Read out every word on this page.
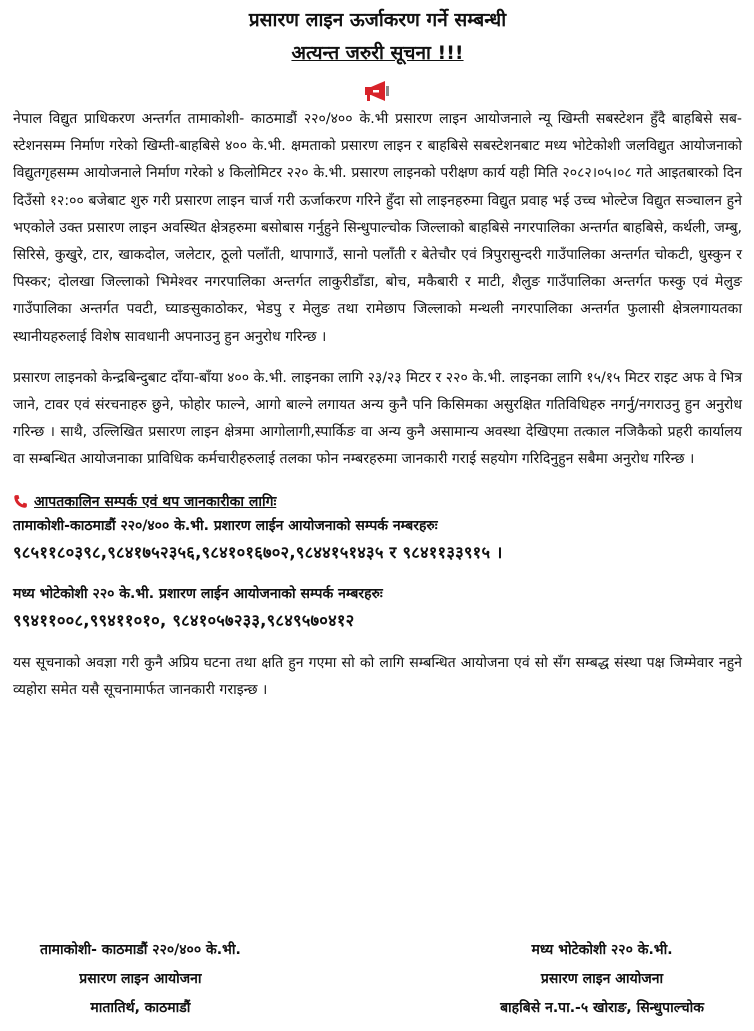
प्रसारण लाइन ऊर्जाकरण गर्ने सम्बन्धी
अत्यन्त जरुरी सूचना !!!

नेपाल विद्युत प्राधिकरण अन्तर्गत तामाकोशी- काठमाडौं २२०/४०० के.भी प्रसारण लाइन आयोजनाले न्यू खिम्ती सबस्टेशन हुँदै बाहबिसे सब-स्टेशनसम्म निर्माण गरेको खिम्ती-बाहबिसे ४०० के.भी. क्षमताको प्रसारण लाइन र बाहबिसे सबस्टेशनबाट मध्य भोटेकोशी जलविद्युत आयोजनाको विद्युतगृहसम्म आयोजनाले निर्माण गरेको ४ किलोमिटर २२० के.भी. प्रसारण लाइनको परीक्षण कार्य यही मिति २०८२।०५।०८ गते आइतबारको दिन दिउँसो १२:०० बजेबाट शुरु गरी प्रसारण लाइन चार्ज गरी ऊर्जाकरण गरिने हुँदा सो लाइनहरुमा विद्युत प्रवाह भई उच्च भोल्टेज विद्युत सञ्चालन हुने भएकोले उक्त प्रसारण लाइन अवस्थित क्षेत्रहरुमा बसोबास गर्नुहुने सिन्धुपाल्चोक जिल्लाको बाहबिसे नगरपालिका अन्तर्गत बाहबिसे, कर्थली, जम्बु, सिरिसे, कुखुरे, टार, खाकदोल, जलेटार, ठूलो पलाँती, थापागाउँ, सानो पलाँती र बेतेचौर एवं त्रिपुरासुन्दरी गाउँपालिका अन्तर्गत चोकटी, धुस्कुन र पिस्कर; दोलखा जिल्लाको भिमेश्वर नगरपालिका अन्तर्गत लाकुरीडाँडा, बोच, मकैबारी र माटी, शैलुङ गाउँपालिका अन्तर्गत फस्कु एवं मेलुङ गाउँपालिका अन्तर्गत पवटी, घ्याङसुकाठोकर, भेडपु र मेलुङ तथा रामेछाप जिल्लाको मन्थली नगरपालिका अन्तर्गत फुलासी क्षेत्रलगायतका स्थानीयहरुलाई विशेष सावधानी अपनाउनु हुन अनुरोध गरिन्छ ।

प्रसारण लाइनको केन्द्रबिन्दुबाट दाँया-बाँया ४०० के.भी. लाइनका लागि २३/२३ मिटर र २२० के.भी. लाइनका लागि १५/१५ मिटर राइट अफ वे भित्र जाने, टावर एवं संरचनाहरु छुने, फोहोर फाल्ने, आगो बाल्ने लगायत अन्य कुनै पनि किसिमका असुरक्षित गतिविधिहरु नगर्नु/नगराउनु हुन अनुरोध गरिन्छ । साथै, उल्लिखित प्रसारण लाइन क्षेत्रमा आगोलागी,स्पार्किङ वा अन्य कुनै असामान्य अवस्था देखिएमा तत्काल नजिकैको प्रहरी कार्यालय वा सम्बन्धित आयोजनाका प्राविधिक कर्मचारीहरुलाई तलका फोन नम्बरहरुमा जानकारी गराई सहयोग गरिदिनुहुन सबैमा अनुरोध गरिन्छ ।

आपतकालिन सम्पर्क एवं थप जानकारीका लागिः
तामाकोशी-काठमाडौं २२०/४०० के.भी. प्रशारण लाईन आयोजनाको सम्पर्क नम्बरहरुः
९८५११८०३९८,९८४१७५२३५६,९८४१०१६७०२,९८४४१५१४३५ र ९८४११३३९१५ ।
मध्य भोटेकोशी २२० के.भी. प्रशारण लाईन आयोजनाको सम्पर्क नम्बरहरुः
९९४११००८,९९४११०१०, ९८४१०५७२३३,९८४९५७०४१२

यस सूचनाको अवज्ञा गरी कुनै अप्रिय घटना तथा क्षति हुन गएमा सो को लागि सम्बन्धित आयोजना एवं सो सँग सम्बद्ध संस्था पक्ष जिम्मेवार नहुने व्यहोरा समेत यसै सूचनामार्फत जानकारी गराइन्छ ।

तामाकोशी- काठमाडौं २२०/४०० के.भी.
प्रसारण लाइन आयोजना
मातातिर्थ, काठमाडौं
मध्य भोटेकोशी २२० के.भी.
प्रसारण लाइन आयोजना
बाहबिसे न.पा.-५ खोराङ, सिन्धुपाल्चोक
